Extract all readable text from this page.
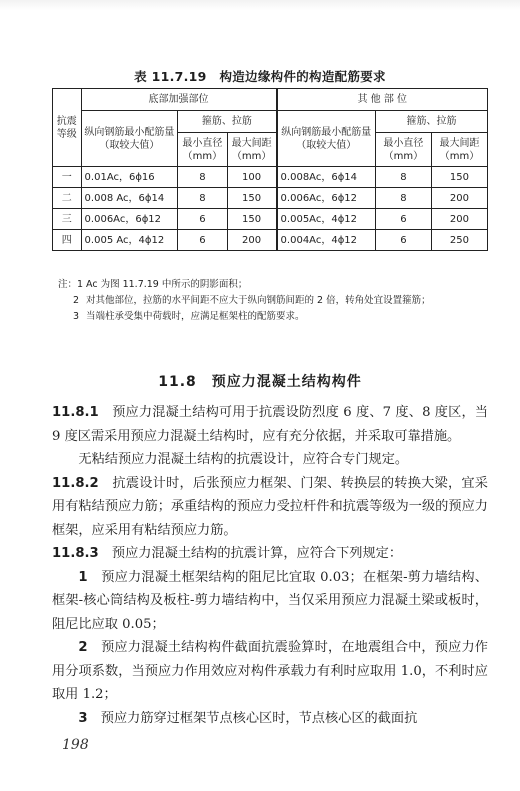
表 11.7.19　构造边缘构件的构造配筋要求
抗震等级	底部加强部位			其 他 部 位		
	纵向钢筋最小配筋量（取较大值）	箍筋、拉筋		纵向钢筋最小配筋量（取较大值）	箍筋、拉筋	
		最小直径（mm）	最大间距（mm）		最小直径（mm）	最大间距（mm）
一	0.01Ac，6ϕ16	8	100	0.008Ac，6ϕ14	8	150
二	0.008 Ac，6ϕ14	8	150	0.006Ac，6ϕ12	8	200
三	0.006Ac，6ϕ12	6	150	0.005Ac，4ϕ12	6	200
四	0.005 Ac，4ϕ12	6	200	0.004Ac，4ϕ12	6	250
注：1 Ac 为图 11.7.19 中所示的阴影面积；
2 对其他部位，拉筋的水平间距不应大于纵向钢筋间距的 2 倍，转角处宜设置箍筋；
3 当端柱承受集中荷载时，应满足框架柱的配筋要求。
11.8　预应力混凝土结构构件

11.8.1　预应力混凝土结构可用于抗震设防烈度 6 度、7 度、8 度区，当 9 度区需采用预应力混凝土结构时，应有充分依据，并采取可靠措施。

无粘结预应力混凝土结构的抗震设计，应符合专门规定。

11.8.2　抗震设计时，后张预应力框架、门架、转换层的转换大梁，宜采用有粘结预应力筋；承重结构的预应力受拉杆件和抗震等级为一级的预应力框架，应采用有粘结预应力筋。

11.8.3　预应力混凝土结构的抗震计算，应符合下列规定：

1　预应力混凝土框架结构的阻尼比宜取 0.03；在框架-剪力墙结构、框架-核心筒结构及板柱-剪力墙结构中，当仅采用预应力混凝土梁或板时，阻尼比应取 0.05；

2　预应力混凝土结构构件截面抗震验算时，在地震组合中，预应力作用分项系数，当预应力作用效应对构件承载力有利时应取用 1.0，不利时应取用 1.2；

3　预应力筋穿过框架节点核心区时，节点核心区的截面抗

198
